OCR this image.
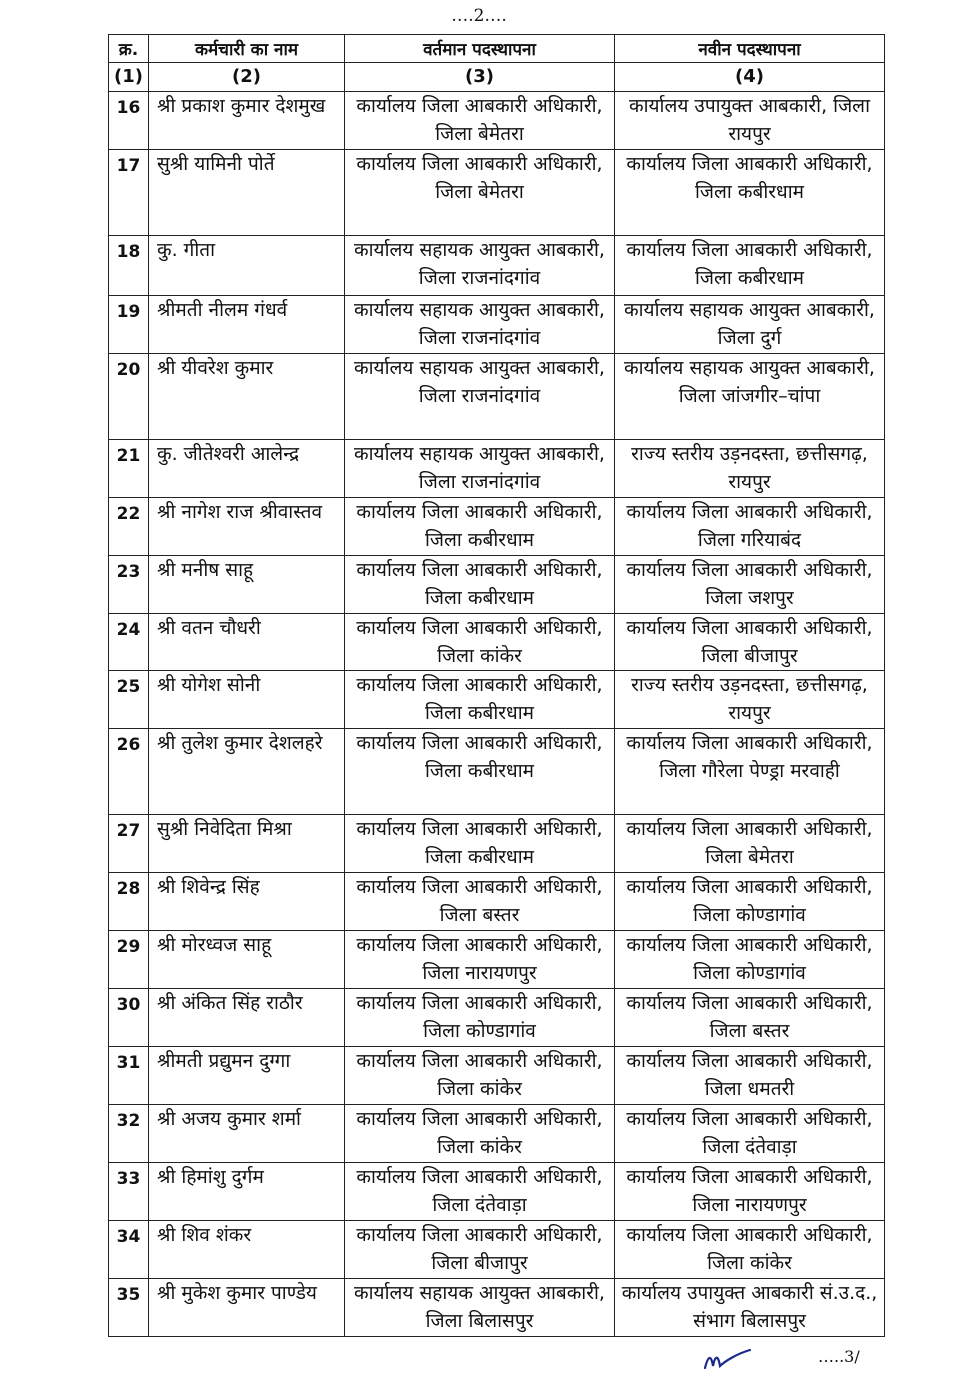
….2….
क्र.	कर्मचारी का नाम	वर्तमान पदस्थापना	नवीन पदस्थापना
(1)	(2)	(3)	(4)
16	श्री प्रकाश कुमार देशमुख	कार्यालय जिला आबकारी अधिकारी, जिला बेमेतरा	कार्यालय उपायुक्त आबकारी, जिला रायपुर
17	सुश्री यामिनी पोर्ते	कार्यालय जिला आबकारी अधिकारी, जिला बेमेतरा	कार्यालय जिला आबकारी अधिकारी, जिला कबीरधाम
18	कु. गीता	कार्यालय सहायक आयुक्त आबकारी, जिला राजनांदगांव	कार्यालय जिला आबकारी अधिकारी, जिला कबीरधाम
19	श्रीमती नीलम गंधर्व	कार्यालय सहायक आयुक्त आबकारी, जिला राजनांदगांव	कार्यालय सहायक आयुक्त आबकारी, जिला दुर्ग
20	श्री यीवरेश कुमार	कार्यालय सहायक आयुक्त आबकारी, जिला राजनांदगांव	कार्यालय सहायक आयुक्त आबकारी, जिला जांजगीर–चांपा
21	कु. जीतेश्वरी आलेन्द्र	कार्यालय सहायक आयुक्त आबकारी, जिला राजनांदगांव	राज्य स्तरीय उड़नदस्ता, छत्तीसगढ़, रायपुर
22	श्री नागेश राज श्रीवास्तव	कार्यालय जिला आबकारी अधिकारी, जिला कबीरधाम	कार्यालय जिला आबकारी अधिकारी, जिला गरियाबंद
23	श्री मनीष साहू	कार्यालय जिला आबकारी अधिकारी, जिला कबीरधाम	कार्यालय जिला आबकारी अधिकारी, जिला जशपुर
24	श्री वतन चौधरी	कार्यालय जिला आबकारी अधिकारी, जिला कांकेर	कार्यालय जिला आबकारी अधिकारी, जिला बीजापुर
25	श्री योगेश सोनी	कार्यालय जिला आबकारी अधिकारी, जिला कबीरधाम	राज्य स्तरीय उड़नदस्ता, छत्तीसगढ़, रायपुर
26	श्री तुलेश कुमार देशलहरे	कार्यालय जिला आबकारी अधिकारी, जिला कबीरधाम	कार्यालय जिला आबकारी अधिकारी, जिला गौरेला पेण्ड्रा मरवाही
27	सुश्री निवेदिता मिश्रा	कार्यालय जिला आबकारी अधिकारी, जिला कबीरधाम	कार्यालय जिला आबकारी अधिकारी, जिला बेमेतरा
28	श्री शिवेन्द्र सिंह	कार्यालय जिला आबकारी अधिकारी, जिला बस्तर	कार्यालय जिला आबकारी अधिकारी, जिला कोण्डागांव
29	श्री मोरध्वज साहू	कार्यालय जिला आबकारी अधिकारी, जिला नारायणपुर	कार्यालय जिला आबकारी अधिकारी, जिला कोण्डागांव
30	श्री अंकित सिंह राठौर	कार्यालय जिला आबकारी अधिकारी, जिला कोण्डागांव	कार्यालय जिला आबकारी अधिकारी, जिला बस्तर
31	श्रीमती प्रद्युमन दुग्गा	कार्यालय जिला आबकारी अधिकारी, जिला कांकेर	कार्यालय जिला आबकारी अधिकारी, जिला धमतरी
32	श्री अजय कुमार शर्मा	कार्यालय जिला आबकारी अधिकारी, जिला कांकेर	कार्यालय जिला आबकारी अधिकारी, जिला दंतेवाड़ा
33	श्री हिमांशु दुर्गम	कार्यालय जिला आबकारी अधिकारी, जिला दंतेवाड़ा	कार्यालय जिला आबकारी अधिकारी, जिला नारायणपुर
34	श्री शिव शंकर	कार्यालय जिला आबकारी अधिकारी, जिला बीजापुर	कार्यालय जिला आबकारी अधिकारी, जिला कांकेर
35	श्री मुकेश कुमार पाण्डेय	कार्यालय सहायक आयुक्त आबकारी, जिला बिलासपुर	कार्यालय उपायुक्त आबकारी सं.उ.द., संभाग बिलासपुर
…..3/
